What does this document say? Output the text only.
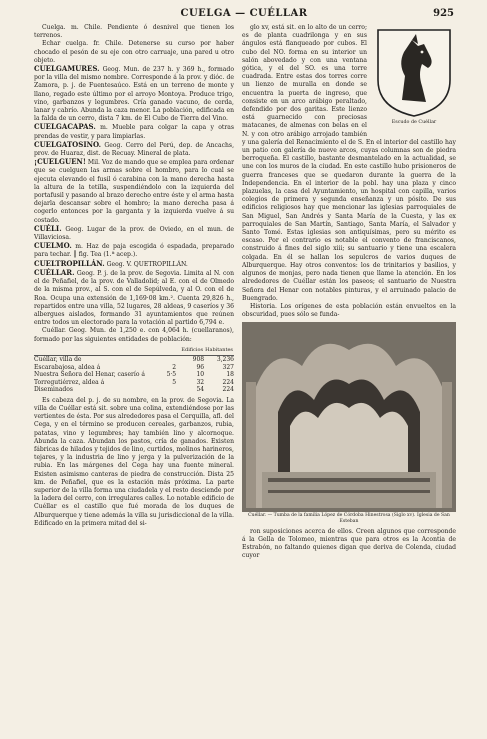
CUELGA — CUÉLLAR	925

Cuelga. m. Chile. Pendiente ó desnivel que tienen los terrenos.

Echar cuelga. fr. Chile. Detenerse su curso por haber chocado el pesón de su eje con otro carruaje, una pared u otro objeto.

CUELGAMURES. Geog. Mun. de 237 h. y 369 h., formado por la villa del mismo nombre. Corresponde á la prov. y dióc. de Zamora, p. j. de Fuentesaúco. Está en un terreno de monte y llano, regado este último por el arroyo Montoya. Produce trigo, vino, garbanzos y legumbres. Cría ganado vacuno, de cerda, lanar y cabrío. Abunda la caza menor. La población, edificada en la falda de un cerro, dista 7 km. de El Cubo de Tierra del Vino.

CUELGACAPAS. m. Mueble para colgar la capa y otras prendas de vestir, y para limpiarlas.

CUELGATOSINO. Geog. Cerro del Perú, dep. de Ancachs, prov. de Huaraz, dist. de Recuay. Mineral de plata.

¡CUELGUEN! Mil. Voz de mando que se emplea para ordenar que se cuelguen las armas sobre el hombro, para lo cual se ejecuta elevando el fusil ó carabina con la mano derecha hasta la altura de la tetilla, suspendiéndolo con la izquierda del portafusil y pasando al brazo derecho entre éste y el arma hasta dejarla descansar sobre el hombro; la mano derecha pasa á cogerlo entonces por la garganta y la izquierda vuelve á su costado.

CUÉLI. Geog. Lugar de la prov. de Oviedo, en el mun. de Villaviciosa.

CUELMO. m. Haz de paja escogida ó espadada, preparado para techar. ║ fig. Tea (1.ª acep.).

CUELTROPILLÁN. Geog. V. QUETROPILLÁN.

CUÉLLAR. Geog. P. j. de la prov. de Segovia. Limita al N. con el de Peñafiel, de la prov. de Valladolid; al E. con el de Olmedo de la misma prov., al S. con el de Sepúlveda, y al O. con el de Roa. Ocupa una extensión de 1,169·08 km.². Cuenta 29,826 h., repartidos entre una villa, 52 lugares, 28 aldeas, 9 caseríos y 36 albergues aislados, formando 31 ayuntamientos que reúnen entre todos un electorado para la votación al partido 6,794 e.

Cuéllar. Geog. Mun. de 1,250 e. con 4,064 h. (cuellaranos), formado por las siguientes entidades de población:

		Edificios	Habitantes
Cuéllar, villa de		908	3,236
Escarabajosa, aldea á	2	96	327
Nuestra Señora del Henar, caserío á	5·5	10	18
Torregutiérrez, aldea á	5	32	224
Diseminados		54	224

Es cabeza del p. j. de su nombre, en la prov. de Segovia. La villa de Cuéllar está sit. sobre una colina, extendiéndose por las vertientes de ésta. Por sus alrededores pasa el Cerquilla, afl. del Cega, y en el término se producen cereales, garbanzos, rubia, patatas, vino y legumbres; hay también lino y alcornoque. Abunda la caza. Abundan los pastos, cría de ganados. Existen fábricas de hilados y tejidos de lino, curtidos, molinos harineros, tejares, y la industria de lino y jerga y la pulverización de la rubia. En las márgenes del Cega hay una fuente mineral. Existen asimismo canteras de piedra de construcción. Dista 25 km. de Peñafiel, que es la estación más próxima. La parte superior de la villa forma una ciudadela y el resto desciende por la ladera del cerro, con irregulares calles. Lo notable edificio de Cuéllar es el castillo que fué morada de los duques de Alburquerque y tiene además la villa su jurisdiccional de la villa. Edificado en la primera mitad del si-

Escudo de Cuéllar

glo xv, está sit. en lo alto de un cerro; es de planta cuadrilonga y en sus ángulos está flanqueado por cubos. El cubo del NO. forma en su interior un salón abovedado y con una ventana gótica, y el del SO. es una torre cuadrada. Entre estas dos torres corre un lienzo de muralla en donde se encuentra la puerta de ingreso, que consiste en un arco arábigo peraltado, defendido por dos garitas. Este lienzo está guarnecido con preciosas matacanes, de almenas con belas en el N. y con otro arábigo arrojado también y una galería del Renacimiento el de S. En el interior del castillo hay un patio con galería de nueve arcos, cuyas columnas son de piedra berroqueña. El castillo, bastante desmantelado en la actualidad, se une con los muros de la ciudad. En este castillo hubo prisioneros de guerra franceses que se quedaron durante la guerra de la Independencia. En el interior de la pobl. hay una plaza y cinco plazuelas, la casa del Ayuntamiento, un hospital con capilla, varios colegios de primera y segunda enseñanza y un pósito. De sus edificios religiosos hay que mencionar las iglesias parroquiales de San Miguel, San Andrés y Santa María de la Cuesta, y las ex parroquiales de San Martín, Santiago, Santa María, el Salvador y Santo Tomé. Estas iglesias son antiquísimas, pero su mérito es escaso. Por el contrario es notable el convento de franciscanos, construido á fines del siglo xiii; su santuario y tiene una escalera colgada. En él se hallan los sepulcros de varios duques de Alburquerque. Hay otros conventos: los de trinitarios y basilios, y algunos de monjas, pero nada tienen que llame la atención. En los alrededores de Cuéllar están los paseos; el santuario de Nuestra Señora del Henar con notables pinturas, y el arruinado palacio de Buengrado.

Historia. Los orígenes de esta población están envueltos en la obscuridad, pues sólo se funda-

Cuéllar. — Tumba de la familia López de Córdoba Hinestrosa (Siglo xv). Iglesia de San Esteban

ron suposiciones acerca de ellos. Creen algunos que corresponde á la Gella de Tolomeo, mientras que para otros es la Acontia de Estrabón, no faltando quienes digan que deriva de Colenda, ciudad cuyor
